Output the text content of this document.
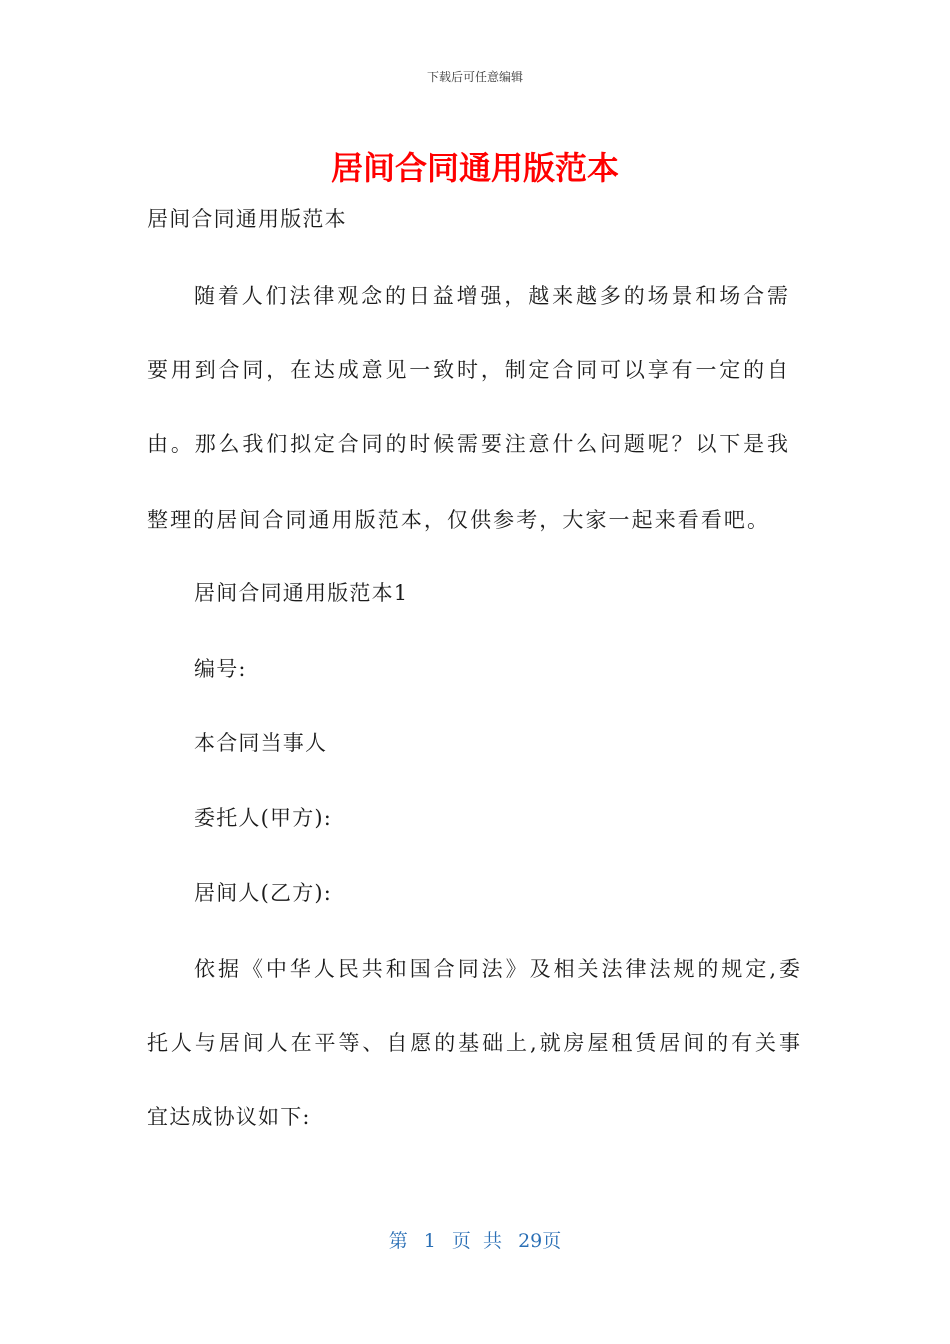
下载后可任意编辑
居间合同通用版范本
居间合同通用版范本
随着人们法律观念的日益增强，越来越多的场景和场合需
要用到合同，在达成意见一致时，制定合同可以享有一定的自
由。那么我们拟定合同的时候需要注意什么问题呢？以下是我
整理的居间合同通用版范本，仅供参考，大家一起来看看吧。
居间合同通用版范本1
编号:
本合同当事人
委托人(甲方):
居间人(乙方):
依据《中华人民共和国合同法》及相关法律法规的规定,委
托人与居间人在平等、自愿的基础上,就房屋租赁居间的有关事
宜达成协议如下:
第 1 页  共 29页
